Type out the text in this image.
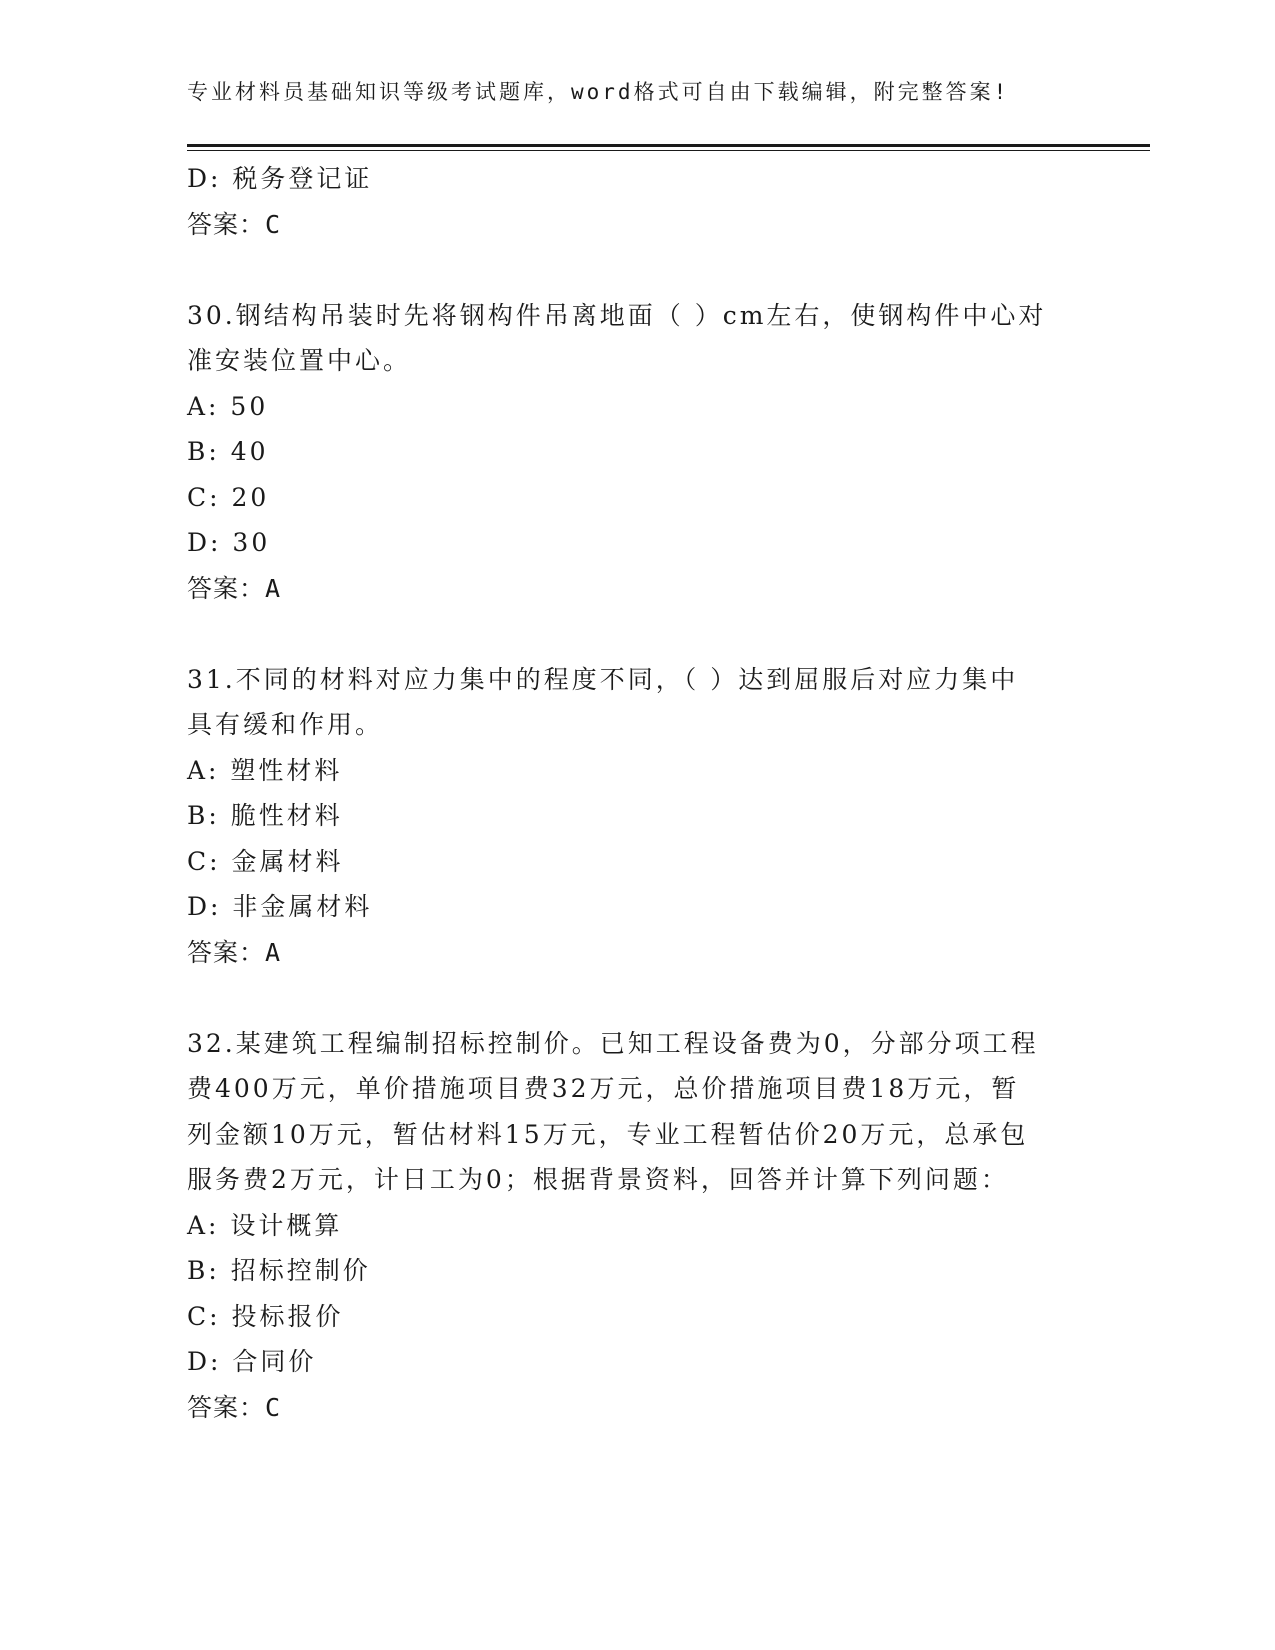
专业材料员基础知识等级考试题库，word格式可自由下载编辑，附完整答案!
D: 税务登记证
答案：C
30.钢结构吊装时先将钢构件吊离地面（ ）cm左右，使钢构件中心对
准安装位置中心。
A: 50
B: 40
C: 20
D: 30
答案：A
31.不同的材料对应力集中的程度不同，（ ）达到屈服后对应力集中
具有缓和作用。
A: 塑性材料
B: 脆性材料
C: 金属材料
D: 非金属材料
答案：A
32.某建筑工程编制招标控制价。已知工程设备费为0，分部分项工程
费400万元，单价措施项目费32万元，总价措施项目费18万元，暂
列金额10万元，暂估材料15万元，专业工程暂估价20万元，总承包
服务费2万元，计日工为0；根据背景资料，回答并计算下列问题：
A: 设计概算
B: 招标控制价
C: 投标报价
D: 合同价
答案：C
